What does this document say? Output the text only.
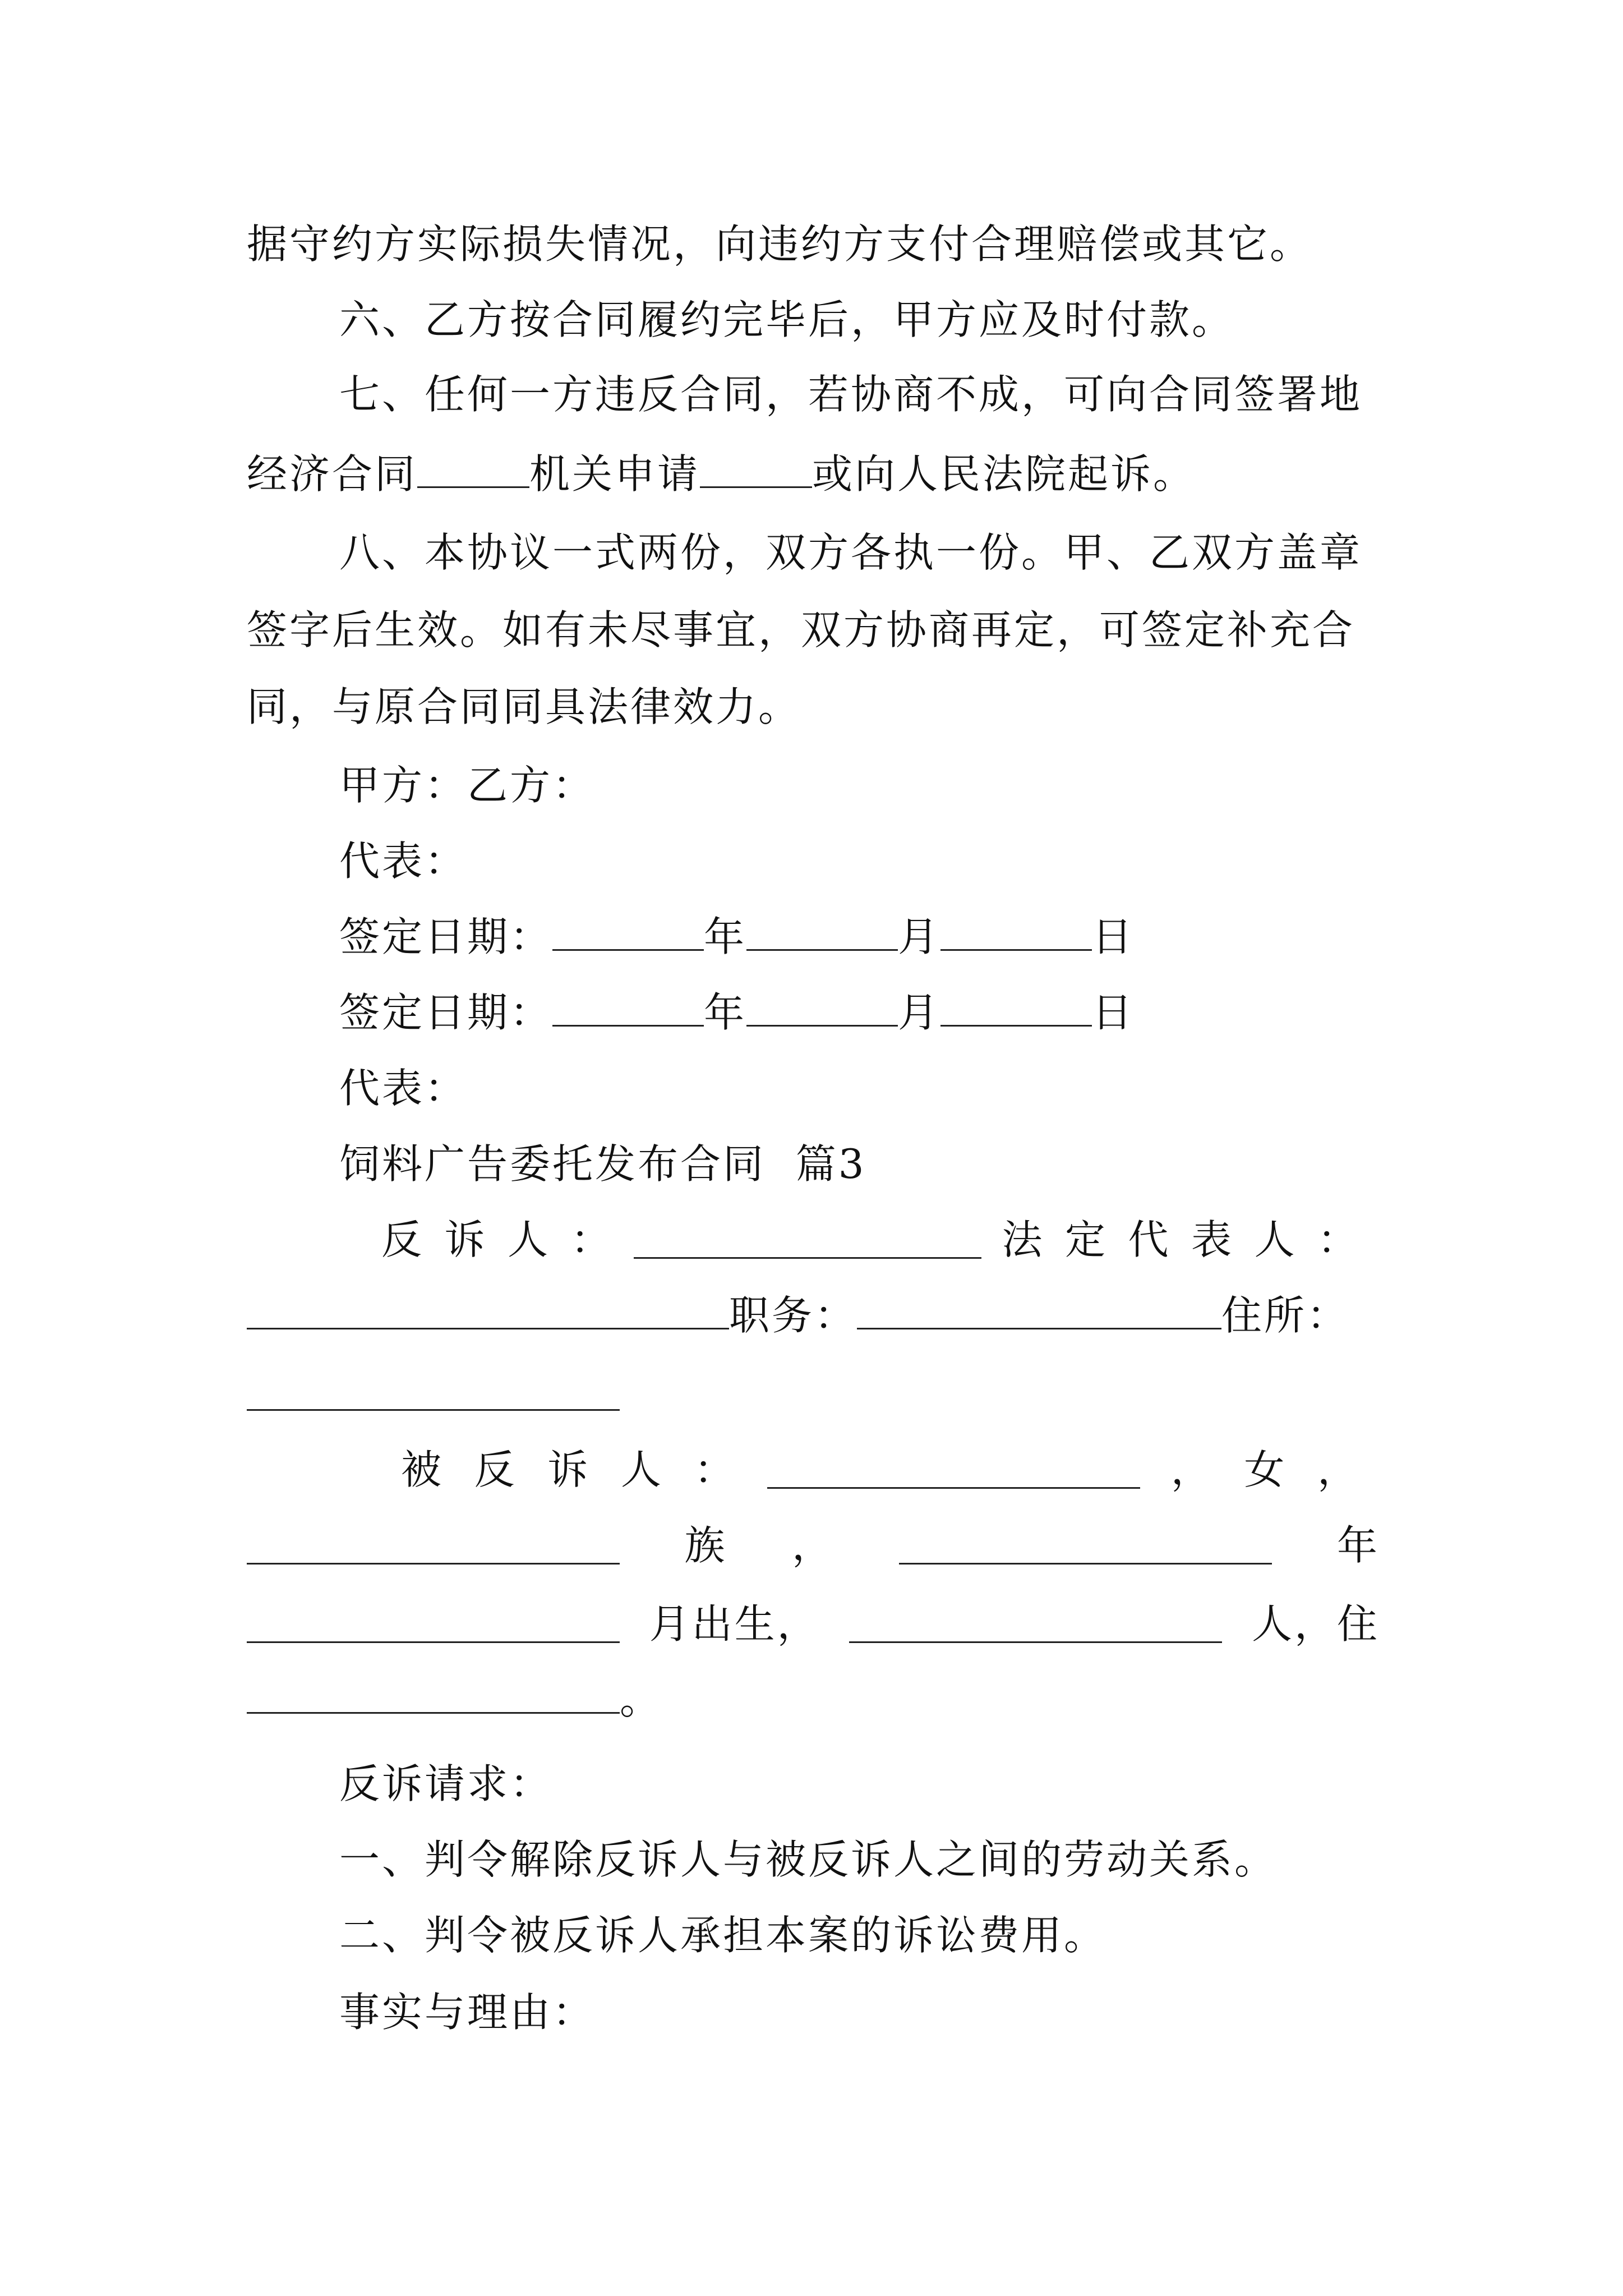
据守约方实际损失情况，向违约方支付合理赔偿或其它。
六、乙方按合同履约完毕后，甲方应及时付款。
七、任何一方违反合同，若协商不成，可向合同签署地
经济合同	机关申请	或向人民法院起诉。
八、本协议一式两份，双方各执一份。甲、乙双方盖章
签字后生效。如有未尽事宜，双方协商再定，可签定补充合
同，与原合同同具法律效力。
甲方：乙方：
代表：
签定日期：	年	月	日
签定日期：	年	月	日
代表：
饲料广告委托发布合同  篇3
反 诉 人 ：	法 定 代 表 人 ：
职务：	住所：
被 反 诉 人 ：	， 女 ，
族 ，	年
月出生，	人，住
。
反诉请求：
一、判令解除反诉人与被反诉人之间的劳动关系。
二、判令被反诉人承担本案的诉讼费用。
事实与理由：
